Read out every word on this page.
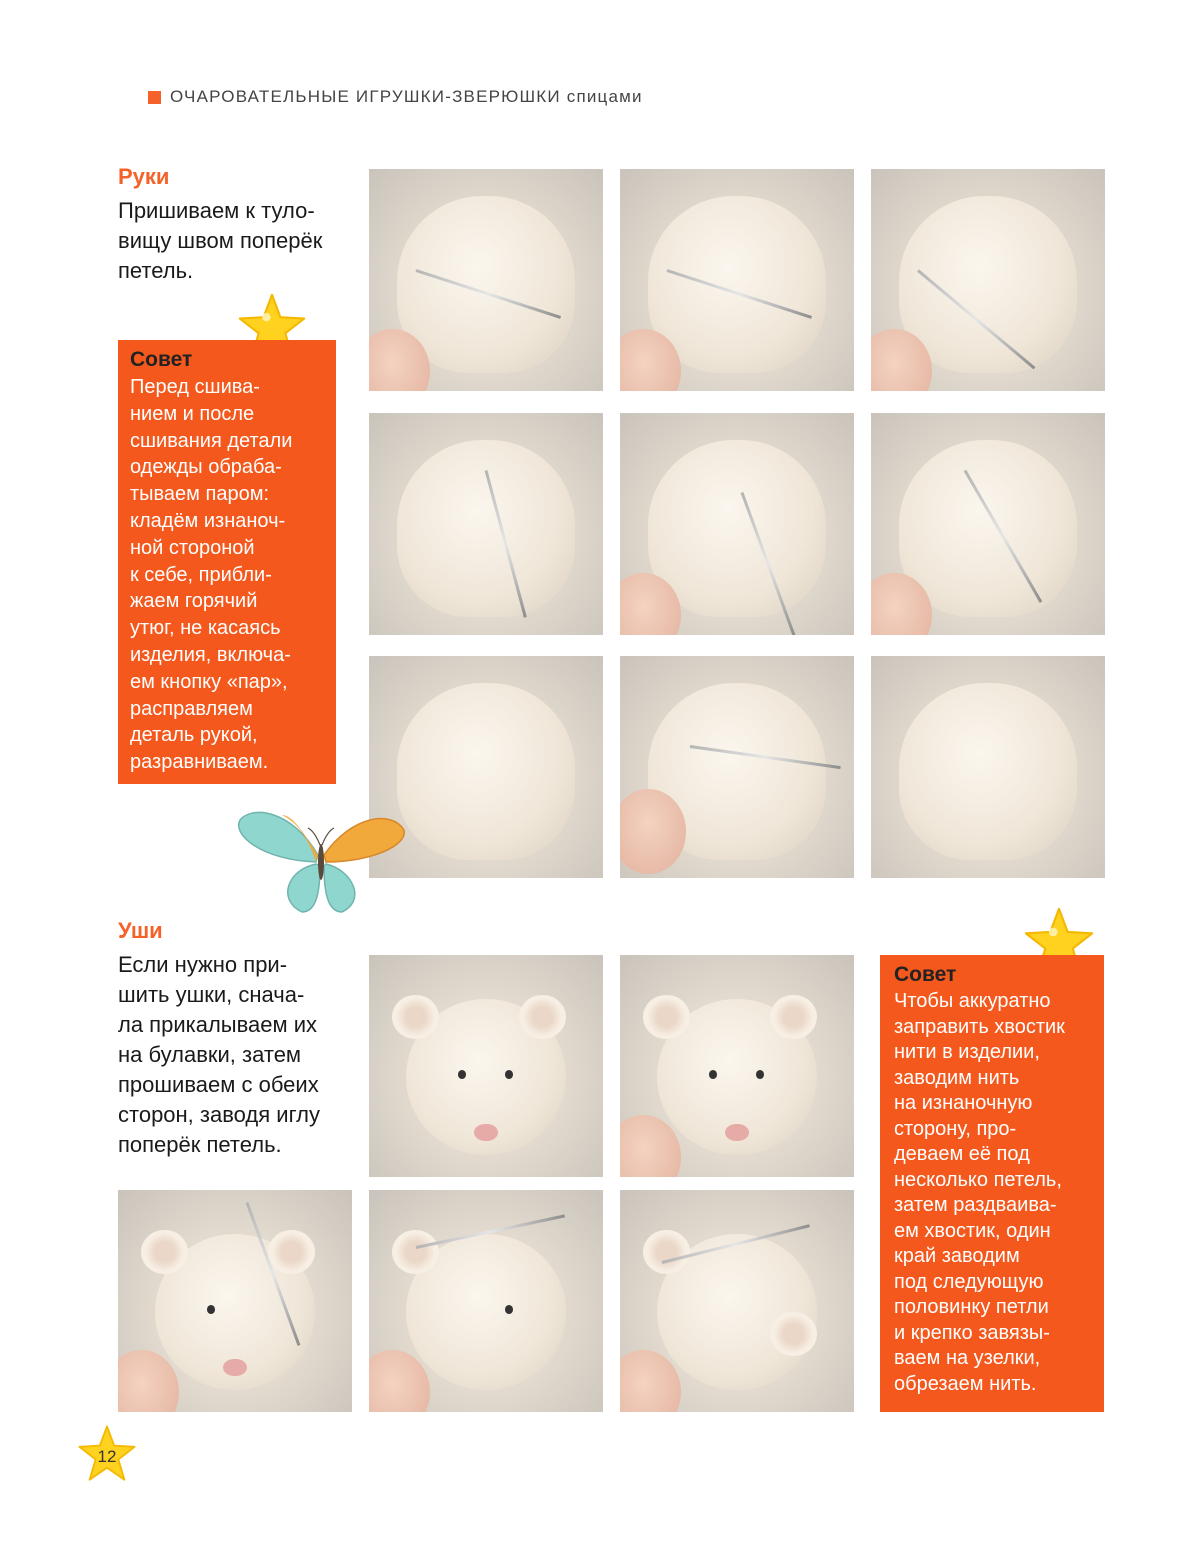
ОЧАРОВАТЕЛЬНЫЕ ИГРУШКИ-ЗВЕРЮШКИ спицами
Руки
Пришиваем к туло-
вищу швом поперёк
петель.
Совет
Перед сшива-
нием и после
сшивания детали
одежды обраба-
тываем паром:
кладём изнаноч-
ной стороной
к себе, прибли-
жаем горячий
утюг, не касаясь
изделия, включа-
ем кнопку «пар»,
расправляем
деталь рукой,
разравниваем.
Уши
Если нужно при-
шить ушки, снача-
ла прикалываем их
на булавки, затем
прошиваем с обеих
сторон, заводя иглу
поперёк петель.
Совет
Чтобы аккуратно
заправить хвостик
нити в изделии,
заводим нить
на изнаночную
сторону, про-
деваем её под
несколько петель,
затем раздваива-
ем хвостик, один
край заводим
под следующую
половинку петли
и крепко завязы-
ваем на узелки,
обрезаем нить.
12
